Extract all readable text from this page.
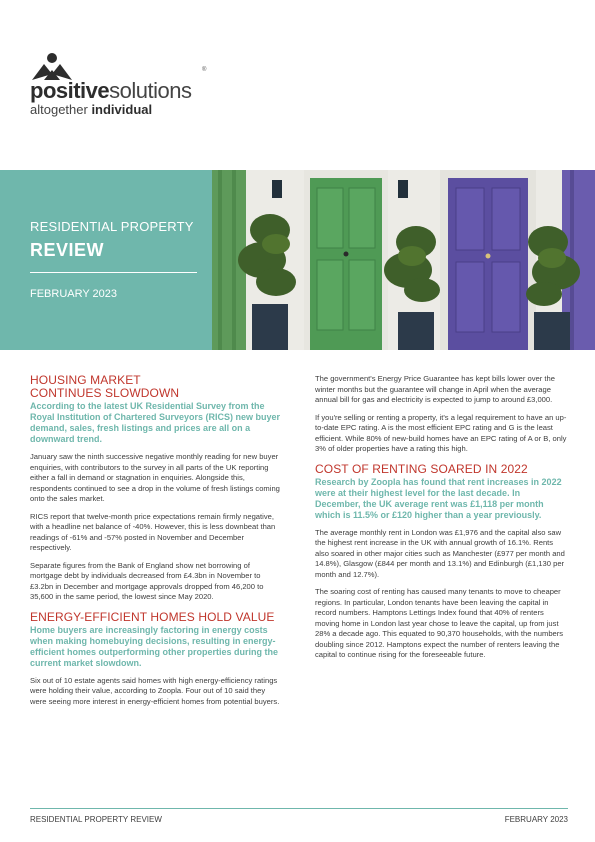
positivesolutions
®
altogether individual
RESIDENTIAL PROPERTY
REVIEW
FEBRUARY 2023
HOUSING MARKET
CONTINUES SLOWDOWN
According to the latest UK Residential Survey from the Royal Institution of Chartered Surveyors (RICS) new buyer demand, sales, fresh listings and prices are all on a downward trend.
January saw the ninth successive negative monthly reading for new buyer enquiries, with contributors to the survey in all parts of the UK reporting either a fall in demand or stagnation in enquiries. Alongside this, respondents continued to see a drop in the volume of fresh listings coming onto the sales market.
RICS report that twelve-month price expectations remain firmly negative, with a headline net balance of -40%. However, this is less downbeat than readings of -61% and -57% posted in November and December respectively.
Separate figures from the Bank of England show net borrowing of mortgage debt by individuals decreased from £4.3bn in November to £3.2bn in December and mortgage approvals dropped from 46,200 to 35,600 in the same period, the lowest since May 2020.
ENERGY-EFFICIENT HOMES HOLD VALUE
Home buyers are increasingly factoring in energy costs when making homebuying decisions, resulting in energy-efficient homes outperforming other properties during the current market slowdown.
Six out of 10 estate agents said homes with high energy-efficiency ratings were holding their value, according to Zoopla. Four out of 10 said they were seeing more interest in energy-efficient homes from potential buyers.
The government's Energy Price Guarantee has kept bills lower over the winter months but the guarantee will change in April when the average annual bill for gas and electricity is expected to jump to around £3,000.
If you're selling or renting a property, it's a legal requirement to have an up-to-date EPC rating. A is the most efficient EPC rating and G is the least efficient. While 80% of new-build homes have an EPC rating of A or B, only 3% of older properties have a rating this high.
COST OF RENTING SOARED IN 2022
Research by Zoopla has found that rent increases in 2022 were at their highest level for the last decade. In December, the UK average rent was £1,118 per month which is 11.5% or £120 higher than a year previously.
The average monthly rent in London was £1,976 and the capital also saw the highest rent increase in the UK with annual growth of 16.1%. Rents also soared in other major cities such as Manchester (£977 per month and 14.8%), Glasgow (£844 per month and 13.1%) and Edinburgh (£1,130 per month and 12.7%).
The soaring cost of renting has caused many tenants to move to cheaper regions. In particular, London tenants have been leaving the capital in record numbers. Hamptons Lettings Index found that 40% of renters moving home in London last year chose to leave the capital, up from just 28% a decade ago. This equated to 90,370 households, with the numbers doubling since 2012. Hamptons expect the number of renters leaving the capital to continue rising for the foreseeable future.
RESIDENTIAL PROPERTY REVIEW	FEBRUARY 2023
